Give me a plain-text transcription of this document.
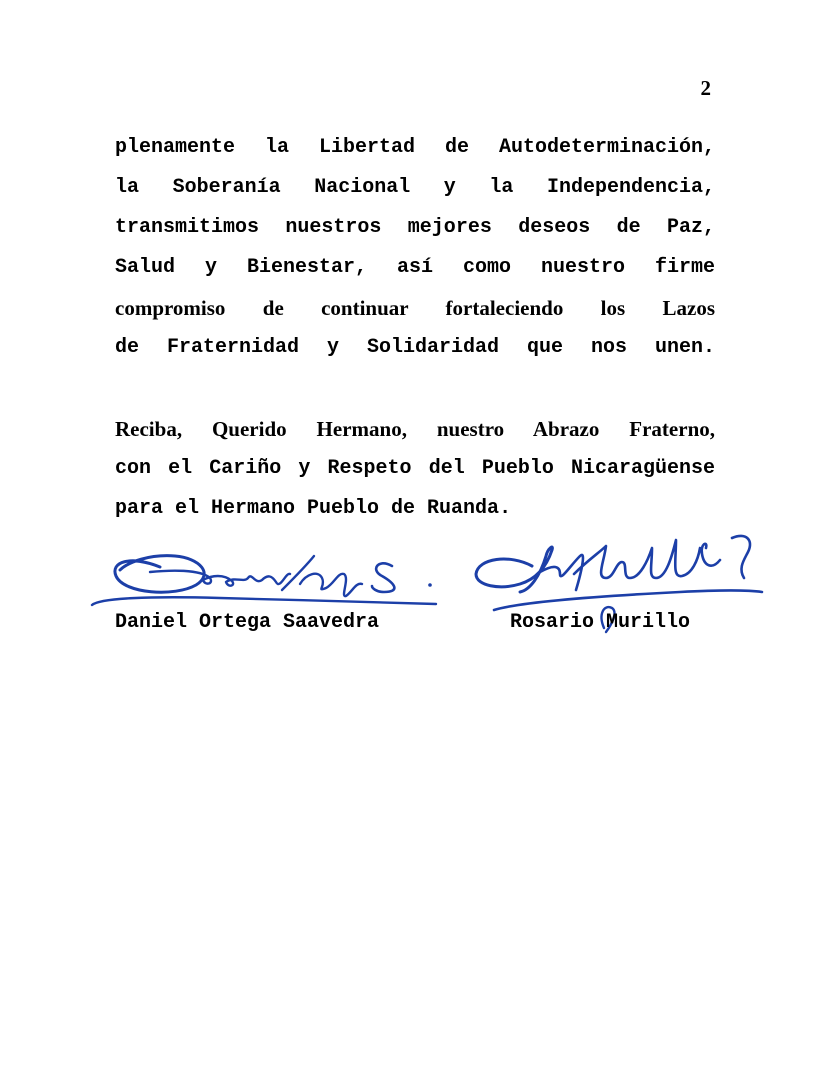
2
plenamente la Libertad de Autodeterminación,
la Soberanía Nacional y la Independencia,
transmitimos nuestros mejores deseos de Paz,
Salud y Bienestar, así como nuestro firme
compromiso de continuar fortaleciendo los Lazos
de Fraternidad y Solidaridad que nos unen.
Reciba, Querido Hermano, nuestro Abrazo Fraterno,
con el Cariño y Respeto del Pueblo Nicaragüense
para el Hermano Pueblo de Ruanda.
Daniel Ortega Saavedra	Rosario Murillo
